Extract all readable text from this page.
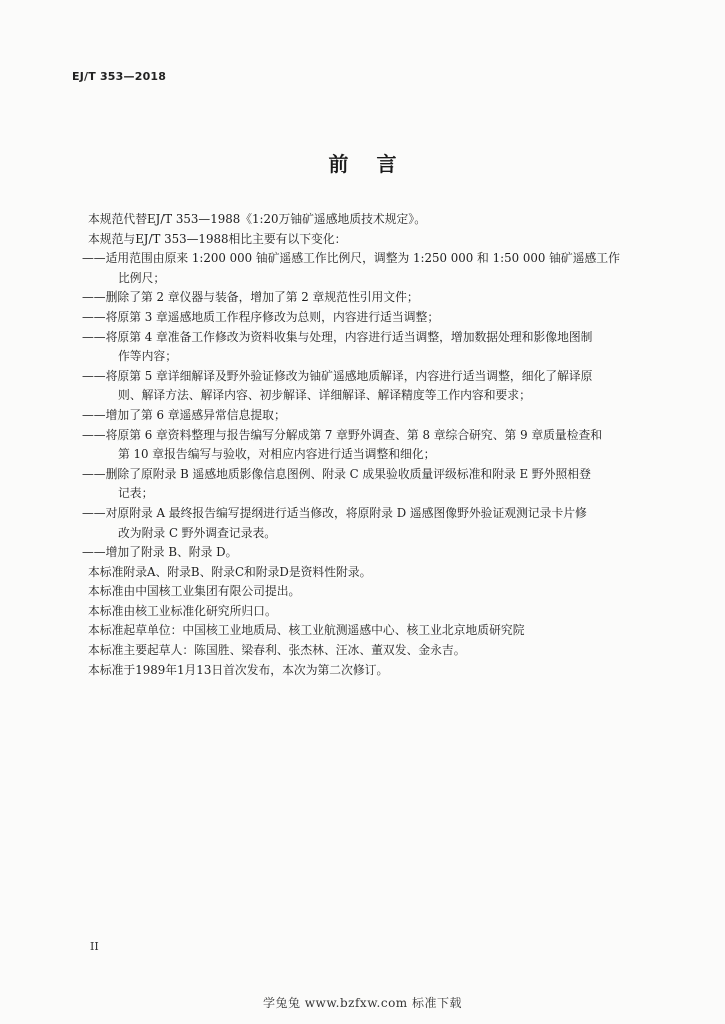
EJ/T 353—2018
前言

本规范代替EJ/T 353—1988《1:20万铀矿遥感地质技术规定》。

本规范与EJ/T 353—1988相比主要有以下变化：

——适用范围由原来 1:200 000 铀矿遥感工作比例尺，调整为 1:250 000 和 1:50 000 铀矿遥感工作
比例尺；
——删除了第 2 章仪器与装备，增加了第 2 章规范性引用文件；
——将原第 3 章遥感地质工作程序修改为总则，内容进行适当调整；
——将原第 4 章准备工作修改为资料收集与处理，内容进行适当调整，增加数据处理和影像地图制
作等内容；
——将原第 5 章详细解译及野外验证修改为铀矿遥感地质解译，内容进行适当调整，细化了解译原
则、解译方法、解译内容、初步解译、详细解译、解译精度等工作内容和要求；
——增加了第 6 章遥感异常信息提取；
——将原第 6 章资料整理与报告编写分解成第 7 章野外调查、第 8 章综合研究、第 9 章质量检查和
第 10 章报告编写与验收，对相应内容进行适当调整和细化；
——删除了原附录 B 遥感地质影像信息图例、附录 C 成果验收质量评级标准和附录 E 野外照相登
记表；
——对原附录 A 最终报告编写提纲进行适当修改，将原附录 D 遥感图像野外验证观测记录卡片修
改为附录 C 野外调查记录表。
——增加了附录 B、附录 D。

本标准附录A、附录B、附录C和附录D是资料性附录。

本标准由中国核工业集团有限公司提出。

本标准由核工业标准化研究所归口。

本标准起草单位：中国核工业地质局、核工业航测遥感中心、核工业北京地质研究院

本标准主要起草人：陈国胜、梁春利、张杰林、汪冰、董双发、金永吉。

本标准于1989年1月13日首次发布，本次为第二次修订。

II
学兔兔 www.bzfxw.com 标准下载
